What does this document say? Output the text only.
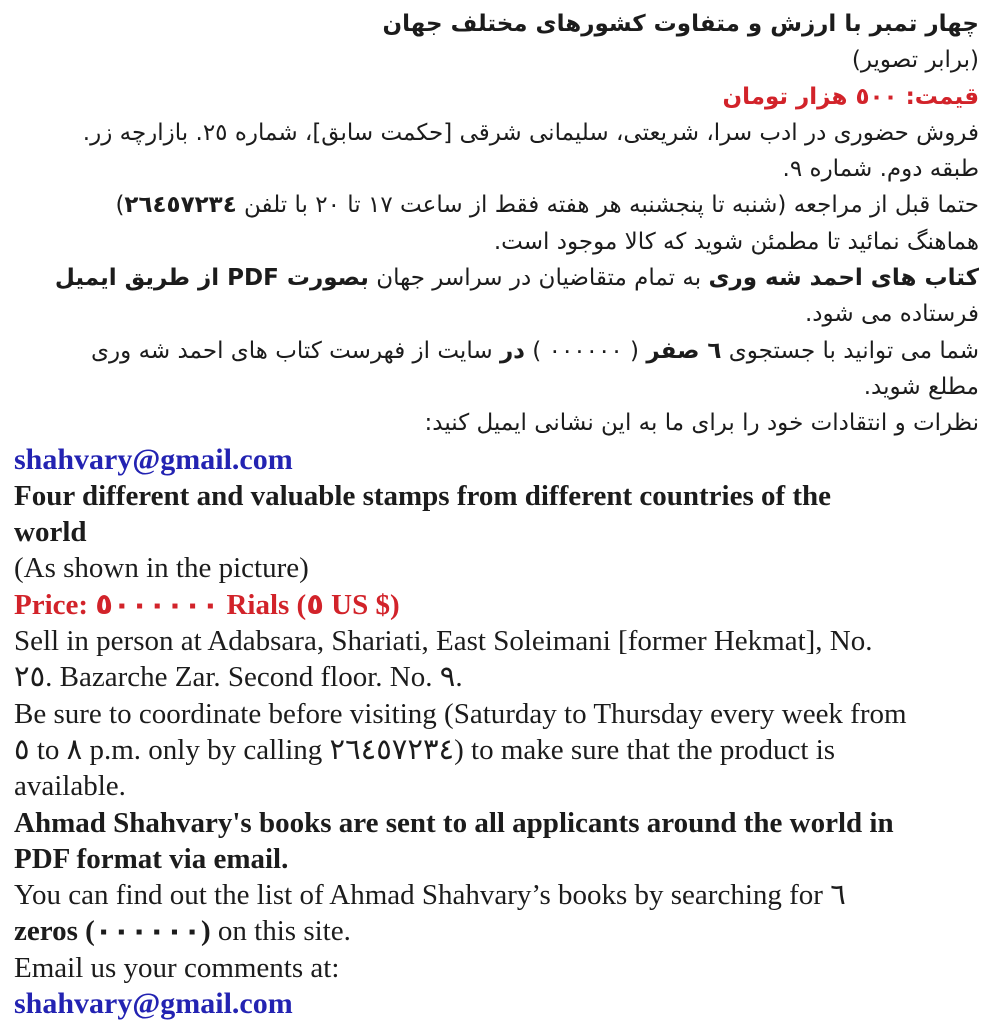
چهار تمبر با ارزش و متفاوت کشورهای مختلف جهان
(برابر تصویر)
قیمت: ٥٠٠ هزار تومان
فروش حضوری در ادب سرا، شریعتی، سلیمانی شرقی [حکمت سابق]، شماره ٢٥. بازارچه زر.
طبقه دوم. شماره ٩.
حتما قبل از مراجعه (شنبه تا پنجشنبه هر هفته فقط از ساعت ١٧ تا ٢٠ با تلفن ٢٦٤٥٧٢٣٤)
هماهنگ نمائید تا مطمئن شوید که کالا موجود است.
کتاب های احمد شه وری به تمام متقاضیان در سراسر جهان بصورت PDF از طریق ایمیل
فرستاده می شود.
شما می توانید با جستجوی ٦ صفر ( ٠٠٠٠٠٠ ) در سایت از فهرست کتاب های احمد شه وری
مطلع شوید.
نظرات و انتقادات خود را برای ما به این نشانی ایمیل کنید:
shahvary@gmail.com
Four different and valuable stamps from different countries of the
world
(As shown in the picture)
Price: ٥٠٠٠٠٠٠ Rials (٥ US $)
Sell in person at Adabsara, Shariati, East Soleimani [former Hekmat], No.
٢٥. Bazarche Zar. Second floor. No. ٩.
Be sure to coordinate before visiting (Saturday to Thursday every week from
٥ to ٨ p.m. only by calling ٢٦٤٥٧٢٣٤) to make sure that the product is
available.
Ahmad Shahvary's books are sent to all applicants around the world in
PDF format via email.
You can find out the list of Ahmad Shahvary’s books by searching for ٦
zeros (٠٠٠٠٠٠) on this site.
Email us your comments at:
shahvary@gmail.com
